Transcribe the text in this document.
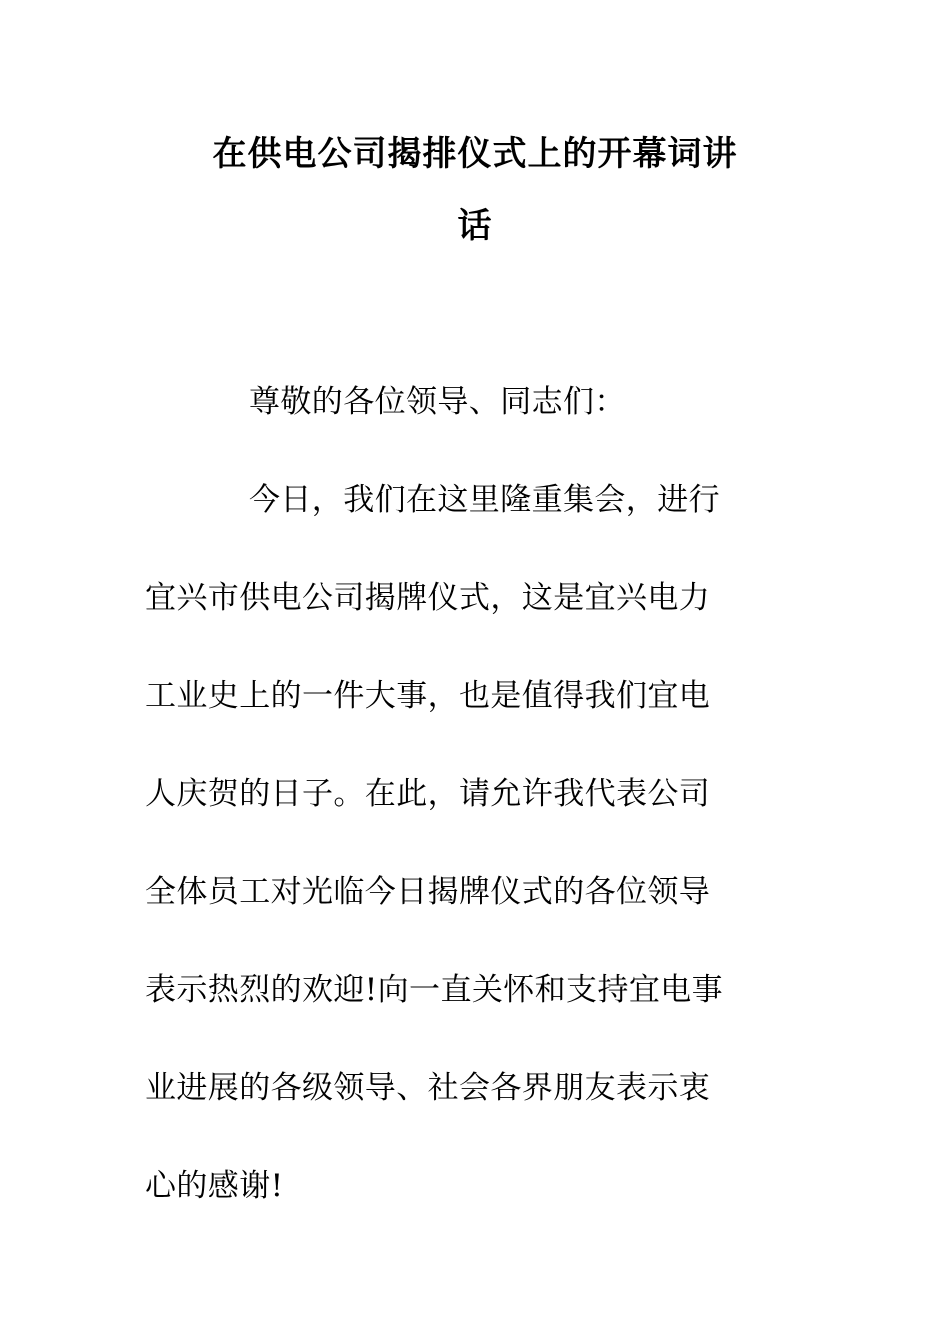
在供电公司揭排仪式上的开幕词讲
话
尊敬的各位领导、同志们：
今日，我们在这里隆重集会，进行
宜兴市供电公司揭牌仪式，这是宜兴电力
工业史上的一件大事，也是值得我们宜电
人庆贺的日子。在此，请允许我代表公司
全体员工对光临今日揭牌仪式的各位领导
表示热烈的欢迎!向一直关怀和支持宜电事
业进展的各级领导、社会各界朋友表示衷
心的感谢!
